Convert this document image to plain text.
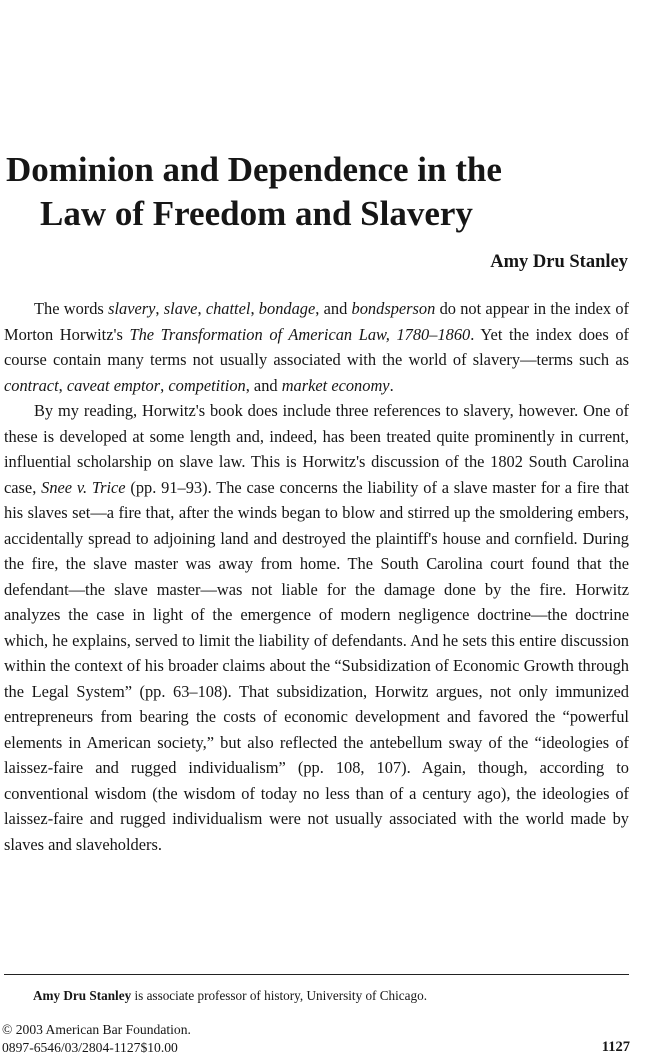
Dominion and Dependence in the
Law of Freedom and Slavery
Amy Dru Stanley

The words slavery, slave, chattel, bondage, and bondsperson do not appear in the index of Morton Horwitz's The Transformation of American Law, 1780–1860. Yet the index does of course contain many terms not usually associated with the world of slavery—terms such as contract, caveat emptor, competition, and market economy.

By my reading, Horwitz's book does include three references to slavery, however. One of these is developed at some length and, indeed, has been treated quite prominently in current, influential scholarship on slave law. This is Horwitz's discussion of the 1802 South Carolina case, Snee v. Trice (pp. 91–93). The case concerns the liability of a slave master for a fire that his slaves set—a fire that, after the winds began to blow and stirred up the smoldering embers, accidentally spread to adjoining land and destroyed the plaintiff's house and cornfield. During the fire, the slave master was away from home. The South Carolina court found that the defendant—the slave master—was not liable for the damage done by the fire. Horwitz analyzes the case in light of the emergence of modern negligence doctrine—the doctrine which, he explains, served to limit the liability of defendants. And he sets this entire discussion within the context of his broader claims about the “Subsidization of Economic Growth through the Legal System” (pp. 63–108). That subsidization, Horwitz argues, not only immunized entrepreneurs from bearing the costs of economic development and favored the “powerful elements in American society,” but also reflected the antebellum sway of the “ideologies of laissez-faire and rugged individualism” (pp. 108, 107). Again, though, according to conventional wisdom (the wisdom of today no less than of a century ago), the ideologies of laissez-faire and rugged individualism were not usually associated with the world made by slaves and slaveholders.

Amy Dru Stanley is associate professor of history, University of Chicago.
© 2003 American Bar Foundation.
0897-6546/03/2804-1127$10.00	1127
